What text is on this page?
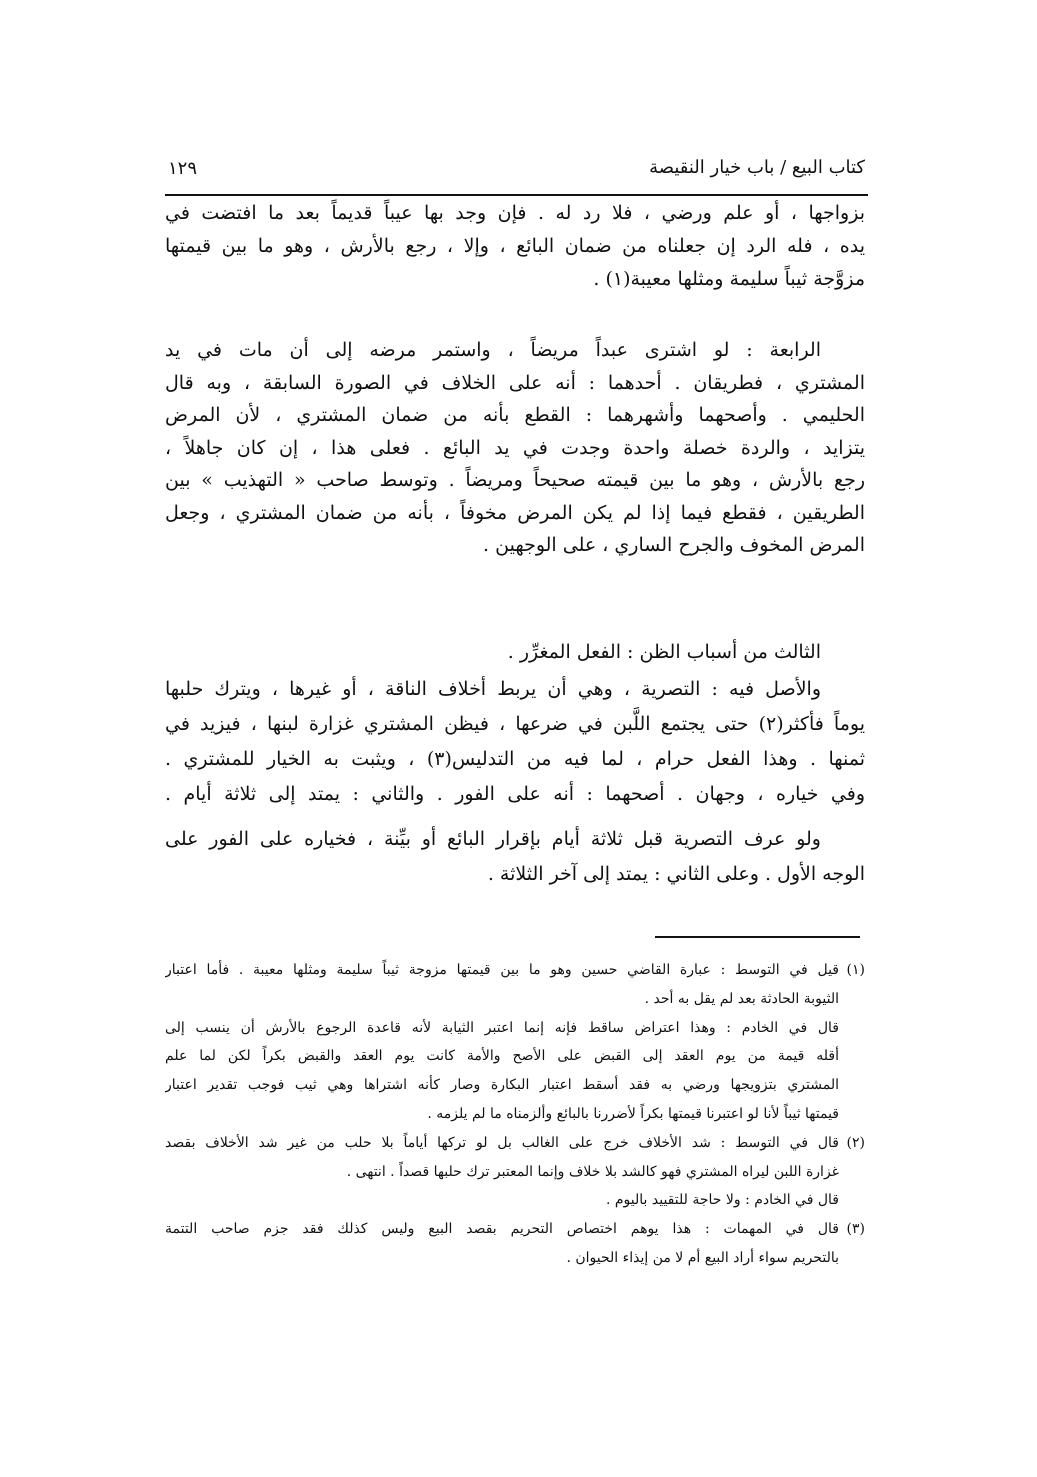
كتاب البيع / باب خيار النقيصة
١٢٩
بزواجها ، أو علم ورضي ، فلا رد له . فإن وجد بها عيباً قديماً بعد ما افتضت في
يده ، فله الرد إن جعلناه من ضمان البائع ، وإلا ، رجع بالأرش ، وهو ما بين قيمتها
مزوَّجة ثيباً سليمة ومثلها معيبة(١) .
الرابعة : لو اشترى عبداً مريضاً ، واستمر مرضه إلى أن مات في يد
المشتري ، فطريقان . أحدهما : أنه على الخلاف في الصورة السابقة ، وبه قال
الحليمي . وأصحهما وأشهرهما : القطع بأنه من ضمان المشتري ، لأن المرض
يتزايد ، والردة خصلة واحدة وجدت في يد البائع . فعلى هذا ، إن كان جاهلاً ،
رجع بالأرش ، وهو ما بين قيمته صحيحاً ومريضاً . وتوسط صاحب « التهذيب » بين
الطريقين ، فقطع فيما إذا لم يكن المرض مخوفاً ، بأنه من ضمان المشتري ، وجعل
المرض المخوف والجرح الساري ، على الوجهين .
الثالث من أسباب الظن : الفعل المغرِّر .
والأصل فيه : التصرية ، وهي أن يربط أخلاف الناقة ، أو غيرها ، ويترك حلبها
يوماً فأكثر(٢) حتى يجتمع اللَّبن في ضرعها ، فيظن المشتري غزارة لبنها ، فيزيد في
ثمنها . وهذا الفعل حرام ، لما فيه من التدليس(٣) ، ويثبت به الخيار للمشتري .
وفي خياره ، وجهان . أصحهما : أنه على الفور . والثاني : يمتد إلى ثلاثة أيام .
ولو عرف التصرية قبل ثلاثة أيام بإقرار البائع أو بيِّنة ، فخياره على الفور على
الوجه الأول . وعلى الثاني : يمتد إلى آخر الثلاثة .
(١)
قيل في التوسط : عبارة القاضي حسين وهو ما بين قيمتها مزوجة ثيباً سليمة ومثلها معيبة . فأما اعتبار
الثيوبة الحادثة بعد لم يقل به أحد .
قال في الخادم : وهذا اعتراض ساقط فإنه إنما اعتبر الثيابة لأنه قاعدة الرجوع بالأرش أن ينسب إلى
أقله قيمة من يوم العقد إلى القبض على الأصح والأمة كانت يوم العقد والقبض بكراً لكن لما علم
المشتري بتزويجها ورضي به فقد أسقط اعتبار البكارة وصار كأنه اشتراها وهي ثيب فوجب تقدير اعتبار
قيمتها ثيباً لأنا لو اعتبرنا قيمتها بكراً لأضررنا بالبائع وألزمناه ما لم يلزمه .
(٢)
قال في التوسط : شد الأخلاف خرج على الغالب بل لو تركها أياماً بلا حلب من غير شد الأخلاف بقصد
غزارة اللبن ليراه المشتري فهو كالشد بلا خلاف وإنما المعتبر ترك حلبها قصداً . انتهى .
قال في الخادم : ولا حاجة للتقييد باليوم .
(٣)
قال في المهمات : هذا يوهم اختصاص التحريم بقصد البيع وليس كذلك فقد جزم صاحب التتمة
بالتحريم سواء أراد البيع أم لا من إيذاء الحيوان .
